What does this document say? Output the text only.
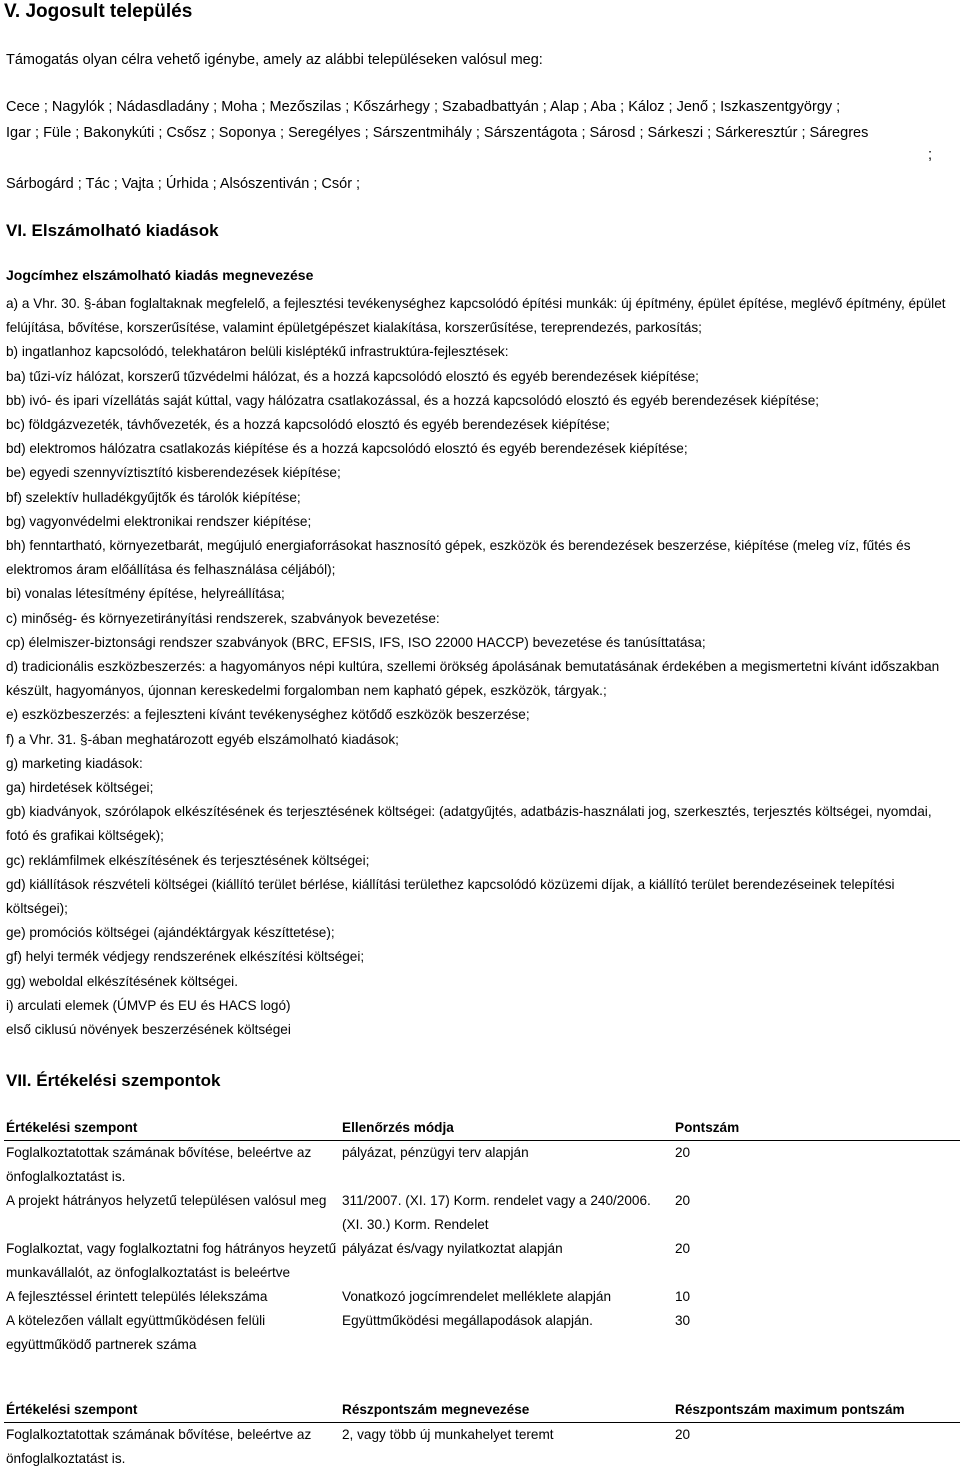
V. Jogosult település
Támogatás olyan célra vehető igénybe, amely az alábbi településeken valósul meg:
Cece ; Nagylók ; Nádasdladány ; Moha ; Mezőszilas ; Kőszárhegy ; Szabadbattyán ; Alap ; Aba ; Káloz ; Jenő ; Iszkaszentgyörgy ;
Igar ; Füle ; Bakonykúti ; Csősz ; Soponya ; Seregélyes ; Sárszentmihály ; Sárszentágota ; Sárosd ; Sárkeszi ; Sárkeresztúr ; Sáregres
;
Sárbogárd ; Tác ; Vajta ; Úrhida ; Alsószentiván ; Csór ;
VI. Elszámolható kiadások
Jogcímhez elszámolható kiadás megnevezése
a) a Vhr. 30. §-ában foglaltaknak megfelelő, a fejlesztési tevékenységhez kapcsolódó építési munkák: új építmény, épület építése, meglévő építmény, épület felújítása, bővítése, korszerűsítése, valamint épületgépészet kialakítása, korszerűsítése, tereprendezés, parkosítás;
b) ingatlanhoz kapcsolódó, telekhatáron belüli kisléptékű infrastruktúra-fejlesztések:
ba) tűzi-víz hálózat, korszerű tűzvédelmi hálózat, és a hozzá kapcsolódó elosztó és egyéb berendezések kiépítése;
bb) ivó- és ipari vízellátás saját kúttal, vagy hálózatra csatlakozással, és a hozzá kapcsolódó elosztó és egyéb berendezések kiépítése;
bc) földgázvezeték, távhővezeték, és a hozzá kapcsolódó elosztó és egyéb berendezések kiépítése;
bd) elektromos hálózatra csatlakozás kiépítése és a hozzá kapcsolódó elosztó és egyéb berendezések kiépítése;
be) egyedi szennyvíztisztító kisberendezések kiépítése;
bf) szelektív hulladékgyűjtők és tárolók kiépítése;
bg) vagyonvédelmi elektronikai rendszer kiépítése;
bh) fenntartható, környezetbarát, megújuló energiaforrásokat hasznosító gépek, eszközök és berendezések beszerzése, kiépítése (meleg víz, fűtés és elektromos áram előállítása és felhasználása céljából);
bi) vonalas létesítmény építése, helyreállítása;
c) minőség- és környezetirányítási rendszerek, szabványok bevezetése:
cp) élelmiszer-biztonsági rendszer szabványok (BRC, EFSIS, IFS, ISO 22000 HACCP) bevezetése és tanúsíttatása;
d) tradicionális eszközbeszerzés: a hagyományos népi kultúra, szellemi örökség ápolásának bemutatásának érdekében a megismertetni kívánt időszakban készült, hagyományos, újonnan kereskedelmi forgalomban nem kapható gépek, eszközök, tárgyak.;
e) eszközbeszerzés: a fejleszteni kívánt tevékenységhez kötődő eszközök beszerzése;
f) a Vhr. 31. §-ában meghatározott egyéb elszámolható kiadások;
g) marketing kiadások:
ga) hirdetések költségei;
gb) kiadványok, szórólapok elkészítésének és terjesztésének költségei: (adatgyűjtés, adatbázis-használati jog, szerkesztés, terjesztés költségei, nyomdai, fotó és grafikai költségek);
gc) reklámfilmek elkészítésének és terjesztésének költségei;
gd) kiállítások részvételi költségei (kiállító terület bérlése, kiállítási területhez kapcsolódó közüzemi díjak, a kiállító terület berendezéseinek telepítési költségei);
ge) promóciós költségei (ajándéktárgyak készíttetése);
gf) helyi termék védjegy rendszerének elkészítési költségei;
gg) weboldal elkészítésének költségei.
i) arculati elemek (ÚMVP és EU és HACS logó)
első ciklusú növények beszerzésének költségei
VII. Értékelési szempontok
Értékelési szempont	Ellenőrzés módja	Pontszám
Foglalkoztatottak számának bővítése, beleértve az önfoglalkoztatást is.	pályázat, pénzügyi terv alapján	20
A projekt hátrányos helyzetű településen valósul meg	311/2007. (XI. 17) Korm. rendelet vagy a 240/2006. (XI. 30.) Korm. Rendelet	20
Foglalkoztat, vagy foglalkoztatni fog hátrányos heyzetű munkavállalót, az önfoglalkoztatást is beleértve	pályázat és/vagy nyilatkoztat alapján	20
A fejlesztéssel érintett település lélekszáma	Vonatkozó jogcímrendelet melléklete alapján	10
A kötelezően vállalt együttműködésen felüli együttműködő partnerek száma	Együttműködési megállapodások alapján.	30
Értékelési szempont	Részpontszám megnevezése	Részpontszám maximum pontszám
Foglalkoztatottak számának bővítése, beleértve az önfoglalkoztatást is.	2, vagy több új munkahelyet teremt	20
